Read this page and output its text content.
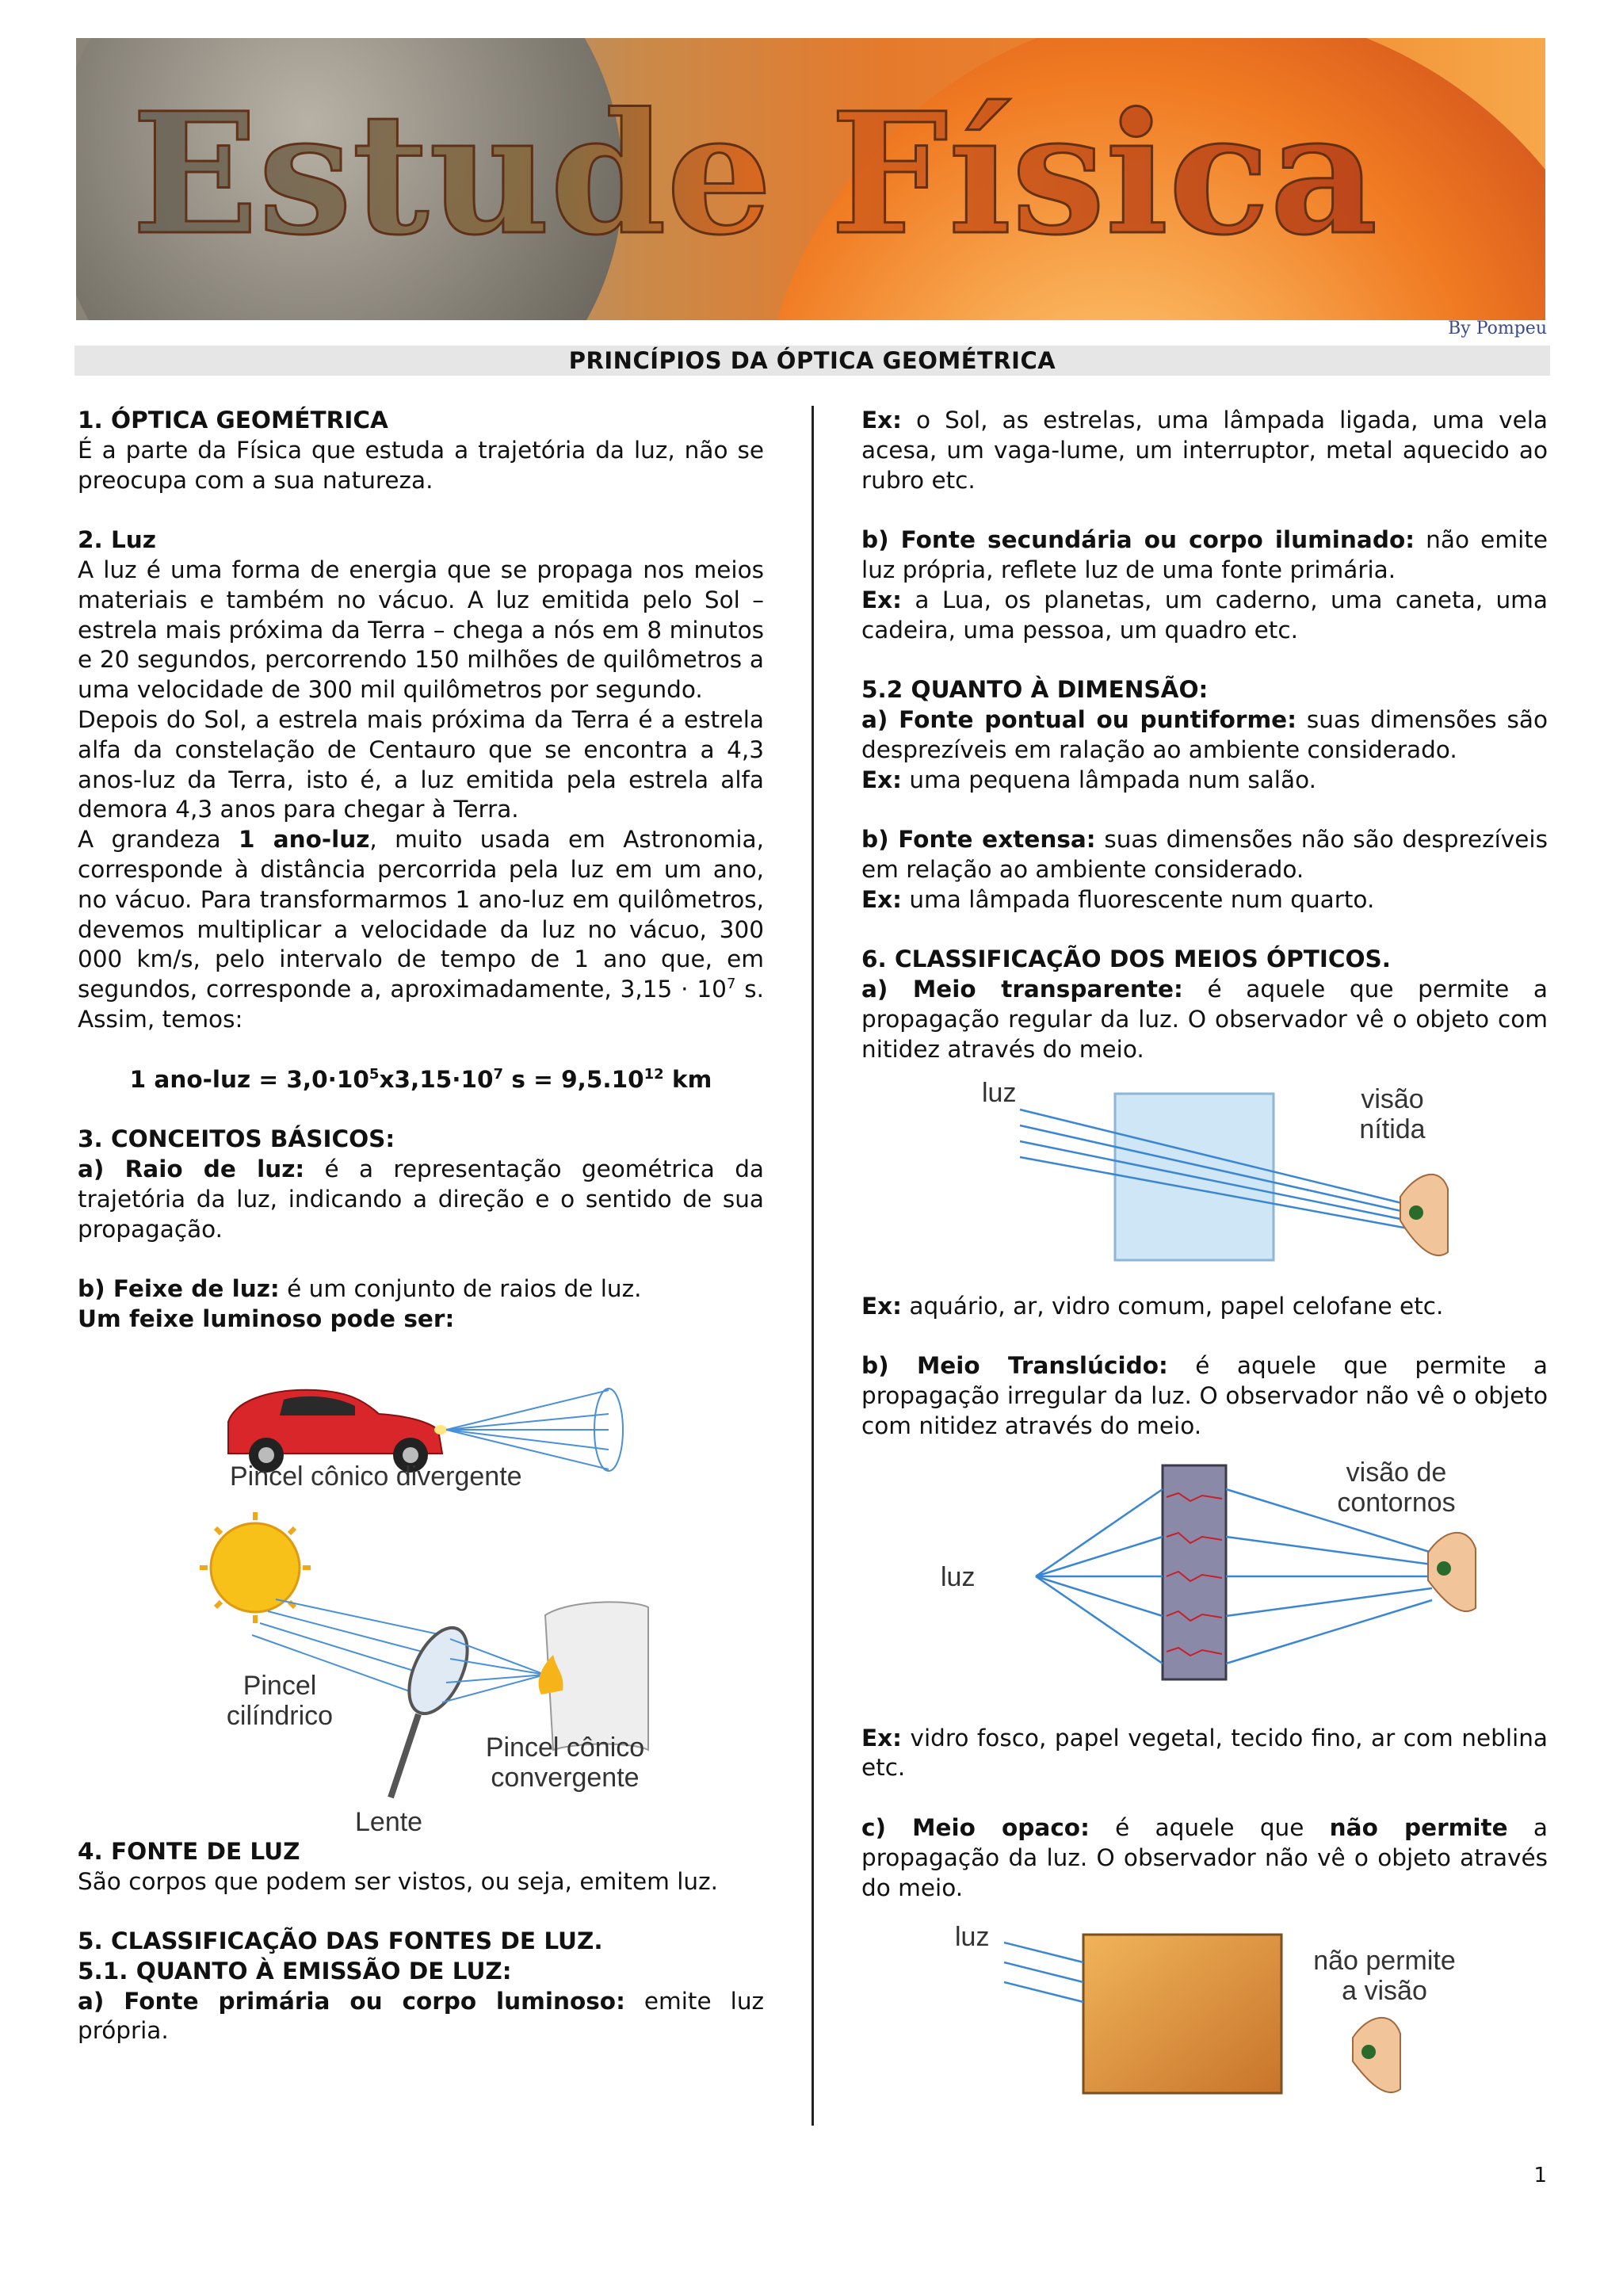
Estude Física
By Pompeu
PRINCÍPIOS DA ÓPTICA GEOMÉTRICA

1. ÓPTICA GEOMÉTRICA

É a parte da Física que estuda a trajetória da luz, não se preocupa com a sua natureza.

2. Luz

A luz é uma forma de energia que se propaga nos meios materiais e também no vácuo. A luz emitida pelo Sol – estrela mais próxima da Terra – chega a nós em 8 minutos e 20 segundos, percorrendo 150 milhões de quilômetros a uma velocidade de 300 mil quilômetros por segundo.

Depois do Sol, a estrela mais próxima da Terra é a estrela alfa da constelação de Centauro que se encontra a 4,3 anos-luz da Terra, isto é, a luz emitida pela estrela alfa demora 4,3 anos para chegar à Terra.

A grandeza 1 ano-luz, muito usada em Astronomia, corresponde à distância percorrida pela luz em um ano, no vácuo. Para transformarmos 1 ano-luz em quilômetros, devemos multiplicar a velocidade da luz no vácuo, 300 000 km/s, pelo intervalo de tempo de 1 ano que, em segundos, corresponde a, aproximadamente, $3,15 \cdot 10^7$ s. Assim, temos:

1 $ano-luz = 3,0\cdot 10^5x3,15\cdot 10^7$ $s = 9,5.10^{12}$ km

3. CONCEITOS BÁSICOS:

a) Raio de luz: é a representação geométrica da trajetória da luz, indicando a direção e o sentido de sua propagação.

b) Feixe de luz: é um conjunto de raios de luz.

Um feixe luminoso pode ser:

Pincel cônico divergente
Pincel cilíndrico
Pincel cônico convergente
Lente

4. FONTE DE LUZ

São corpos que podem ser vistos, ou seja, emitem luz.

5. CLASSIFICAÇÃO DAS FONTES DE LUZ.

5.1. QUANTO À EMISSÃO DE LUZ:

a) Fonte primária ou corpo luminoso: emite luz própria.

Ex: o Sol, as estrelas, uma lâmpada ligada, uma vela acesa, um vaga-lume, um interruptor, metal aquecido ao rubro etc.

b) Fonte secundária ou corpo iluminado: não emite luz própria, reflete luz de uma fonte primária.

Ex: a Lua, os planetas, um caderno, uma caneta, uma cadeira, uma pessoa, um quadro etc.

5.2 QUANTO À DIMENSÃO:

a) Fonte pontual ou puntiforme: suas dimensões são desprezíveis em ralação ao ambiente considerado.

Ex: uma pequena lâmpada num salão.

b) Fonte extensa: suas dimensões não são desprezíveis em relação ao ambiente considerado.

Ex: uma lâmpada fluorescente num quarto.

6. CLASSIFICAÇÃO DOS MEIOS ÓPTICOS.

a) Meio transparente: é aquele que permite a propagação regular da luz. O observador vê o objeto com nitidez através do meio.

luz	visão nítida

Ex: aquário, ar, vidro comum, papel celofane etc.

b) Meio Translúcido: é aquele que permite a propagação irregular da luz. O observador não vê o objeto com nitidez através do meio.

luz
visão de contornos

Ex: vidro fosco, papel vegetal, tecido fino, ar com neblina etc.

c) Meio opaco: é aquele que não permite a propagação da luz. O observador não vê o objeto através do meio.

luz
não permite a visão
1
